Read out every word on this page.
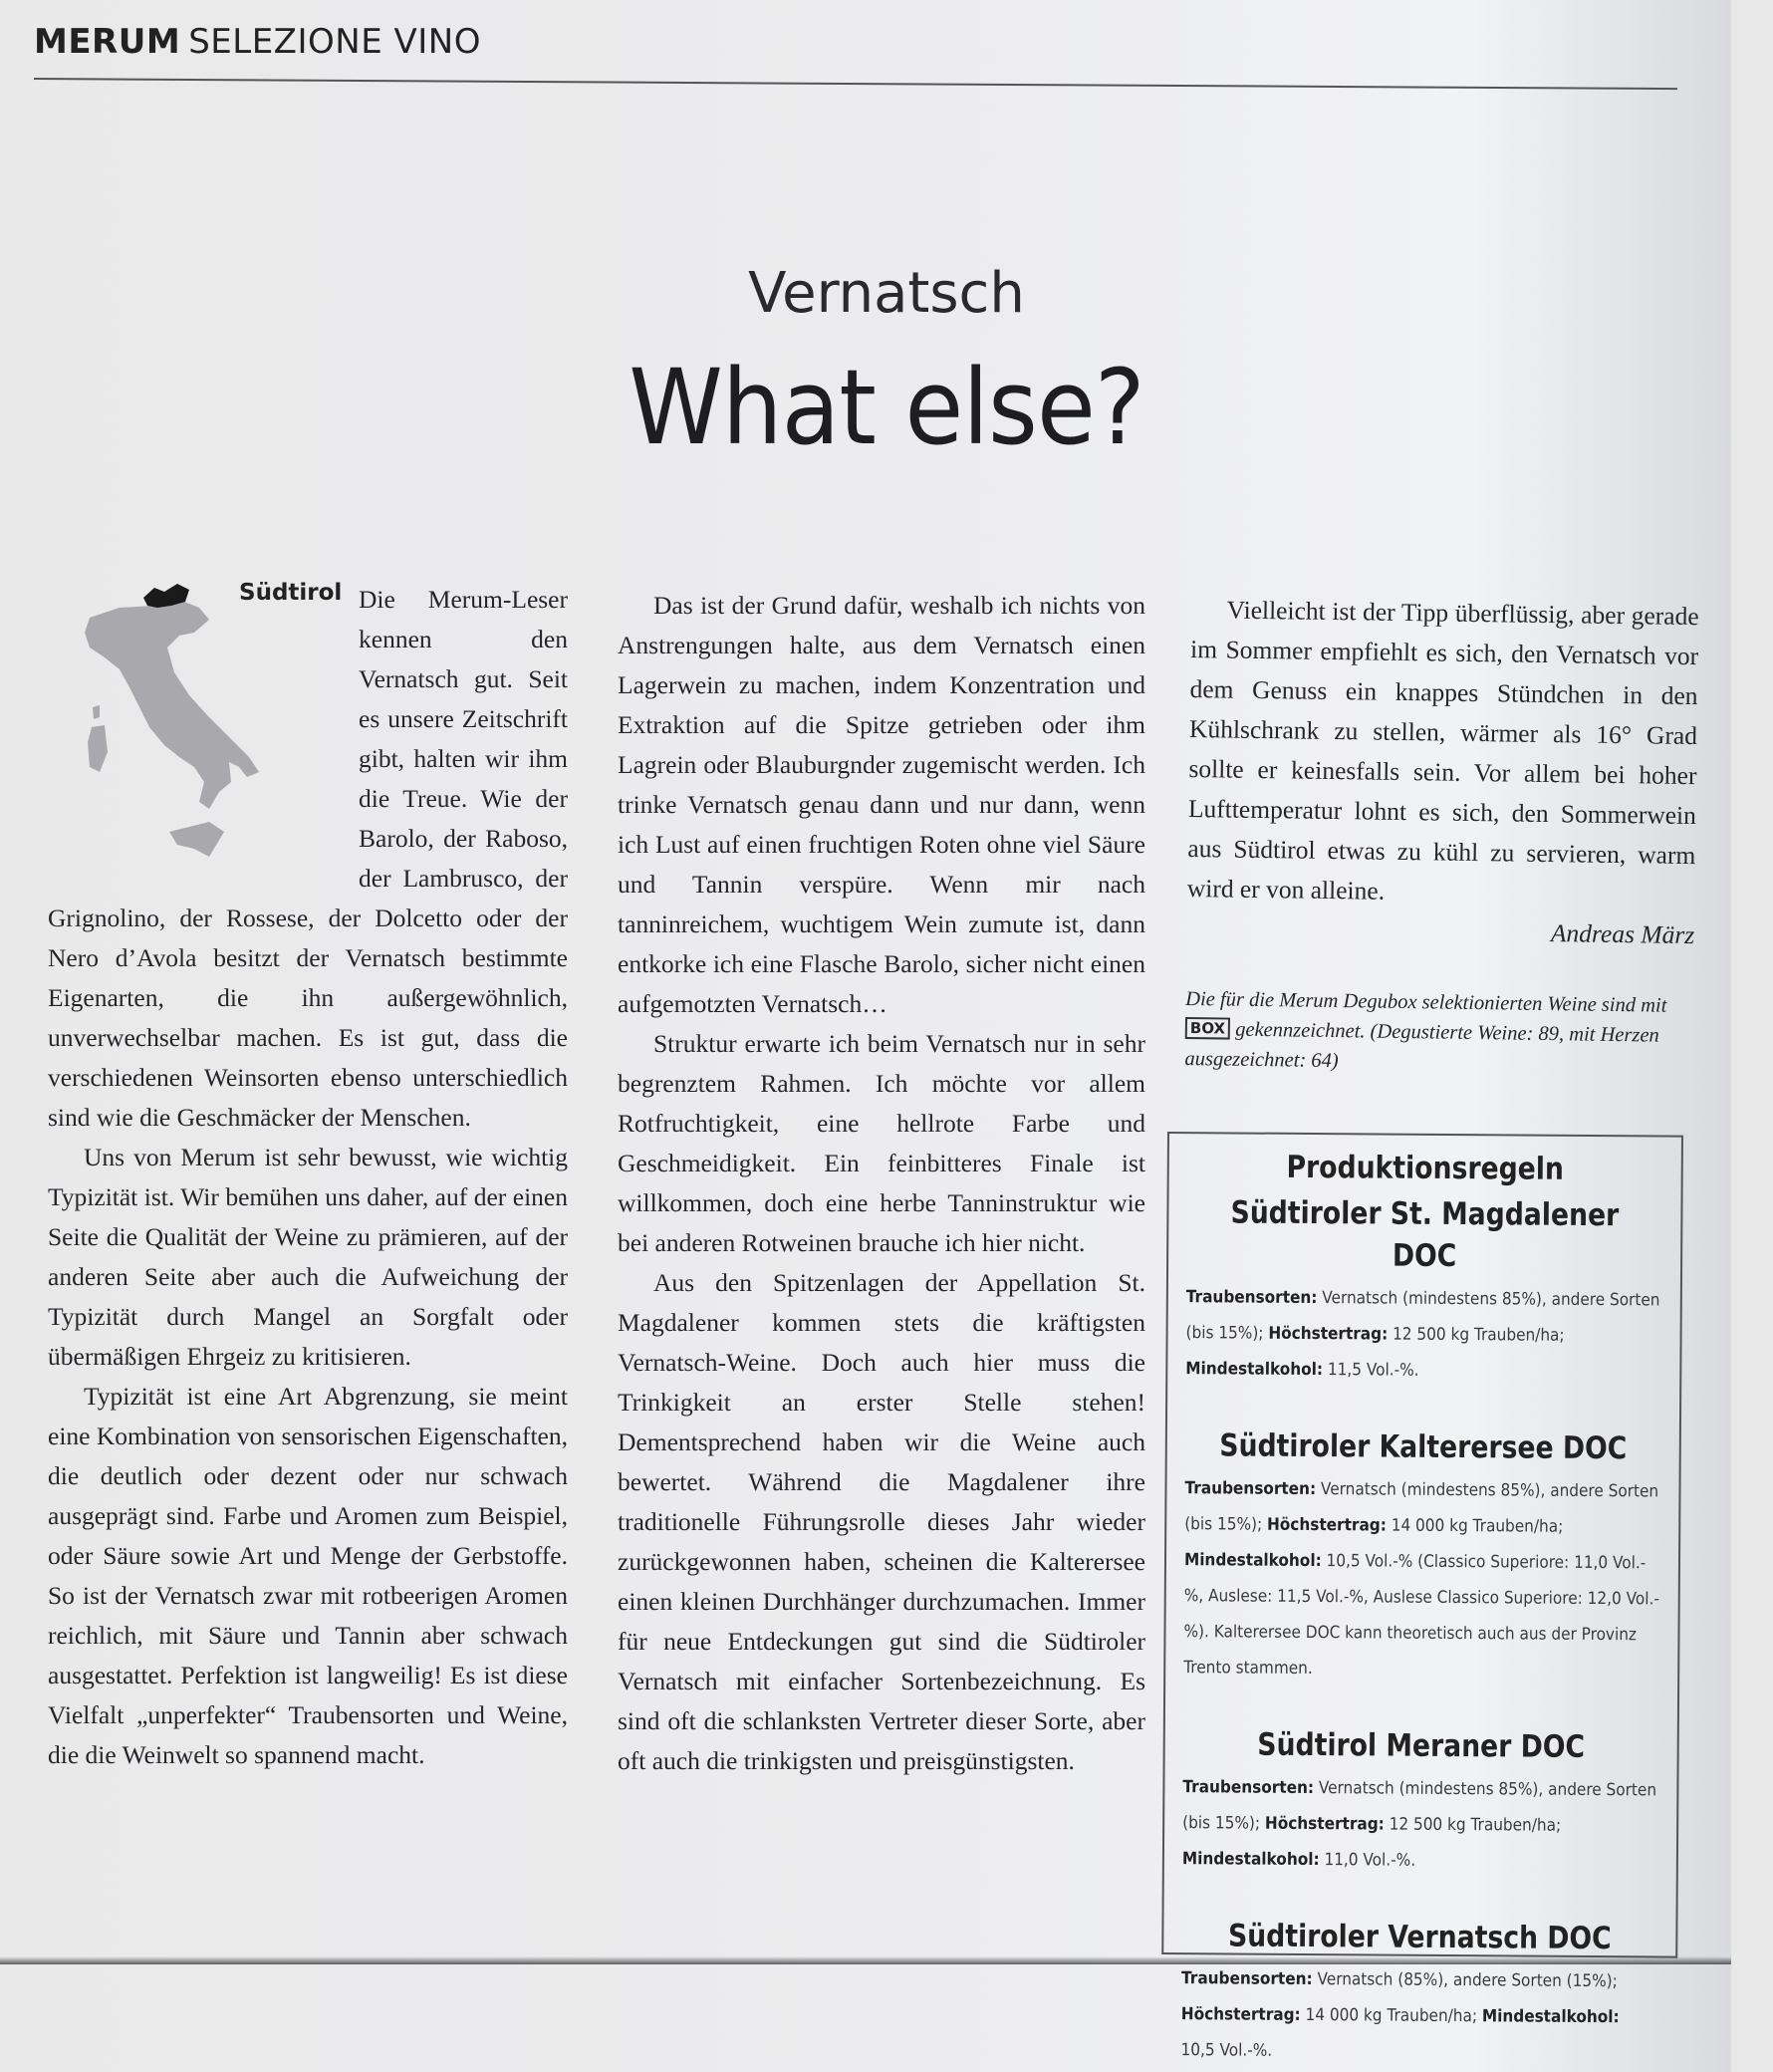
MERUM SELEZIONE VINO
Vernatsch
What else?
Südtirol Die Merum-Leser kennen den Vernatsch gut. Seit es unsere Zeitschrift gibt, halten wir ihm die Treue. Wie der Barolo, der Raboso, der Lambrusco, der Grignolino, der Rossese, der Dolcetto oder der Nero d’Avola besitzt der Vernatsch bestimmte Eigenarten, die ihn außergewöhnlich, unverwechselbar machen. Es ist gut, dass die verschiedenen Weinsorten ebenso unterschiedlich sind wie die Geschmäcker der Menschen.

Uns von Merum ist sehr bewusst, wie wichtig Typizität ist. Wir bemühen uns daher, auf der einen Seite die Qualität der Weine zu prämieren, auf der anderen Seite aber auch die Aufweichung der Typizität durch Mangel an Sorgfalt oder übermäßigen Ehrgeiz zu kritisieren.

Typizität ist eine Art Abgrenzung, sie meint eine Kombination von sensorischen Eigenschaften, die deutlich oder dezent oder nur schwach ausgeprägt sind. Farbe und Aromen zum Beispiel, oder Säure sowie Art und Menge der Gerbstoffe. So ist der Vernatsch zwar mit rotbeerigen Aromen reichlich, mit Säure und Tannin aber schwach ausgestattet. Perfektion ist langweilig! Es ist diese Vielfalt „unperfekter“ Traubensorten und Weine, die die Weinwelt so spannend macht.

Das ist der Grund dafür, weshalb ich nichts von Anstrengungen halte, aus dem Vernatsch einen Lagerwein zu machen, indem Konzentration und Extraktion auf die Spitze getrieben oder ihm Lagrein oder Blauburgnder zugemischt werden. Ich trinke Vernatsch genau dann und nur dann, wenn ich Lust auf einen fruchtigen Roten ohne viel Säure und Tannin verspüre. Wenn mir nach tanninreichem, wuchtigem Wein zumute ist, dann entkorke ich eine Flasche Barolo, sicher nicht einen aufgemotzten Vernatsch…

Struktur erwarte ich beim Vernatsch nur in sehr begrenztem Rahmen. Ich möchte vor allem Rotfruchtigkeit, eine hellrote Farbe und Geschmeidigkeit. Ein feinbitteres Finale ist willkommen, doch eine herbe Tanninstruktur wie bei anderen Rotweinen brauche ich hier nicht.

Aus den Spitzenlagen der Appellation St. Magdalener kommen stets die kräftigsten Vernatsch-Weine. Doch auch hier muss die Trinkigkeit an erster Stelle stehen! Dementsprechend haben wir die Weine auch bewertet. Während die Magdalener ihre traditionelle Führungsrolle dieses Jahr wieder zurückgewonnen haben, scheinen die Kalterersee einen kleinen Durchhänger durchzumachen. Immer für neue Entdeckungen gut sind die Südtiroler Vernatsch mit einfacher Sortenbezeichnung. Es sind oft die schlanksten Vertreter dieser Sorte, aber oft auch die trinkigsten und preisgünstigsten.

Vielleicht ist der Tipp überflüssig, aber gerade im Sommer empfiehlt es sich, den Vernatsch vor dem Genuss ein knappes Stündchen in den Kühlschrank zu stellen, wärmer als 16° Grad sollte er keinesfalls sein. Vor allem bei hoher Lufttemperatur lohnt es sich, den Sommerwein aus Südtirol etwas zu kühl zu servieren, warm wird er von alleine.

Andreas März
Die für die Merum Degubox selektionierten Weine sind mit BOX gekennzeichnet. (Degustierte Weine: 89, mit Herzen ausgezeichnet: 64)
Produktionsregeln
Südtiroler St. Magdalener DOC
Traubensorten: Vernatsch (mindestens 85%), andere Sorten (bis 15%); Höchstertrag: 12 500 kg Trauben/ha; Mindestalkohol: 11,5 Vol.-%.
Südtiroler Kalterersee DOC
Traubensorten: Vernatsch (mindestens 85%), andere Sorten (bis 15%); Höchstertrag: 14 000 kg Trauben/ha; Mindestalkohol: 10,5 Vol.-% (Classico Superiore: 11,0 Vol.-%, Auslese: 11,5 Vol.-%, Auslese Classico Superiore: 12,0 Vol.-%). Kalterersee DOC kann theoretisch auch aus der Provinz Trento stammen.
Südtirol Meraner DOC
Traubensorten: Vernatsch (mindestens 85%), andere Sorten (bis 15%); Höchstertrag: 12 500 kg Trauben/ha; Mindestalkohol: 11,0 Vol.-%.
Südtiroler Vernatsch DOC
Traubensorten: Vernatsch (85%), andere Sorten (15%); Höchstertrag: 14 000 kg Trauben/ha; Mindestalkohol: 10,5 Vol.-%.
